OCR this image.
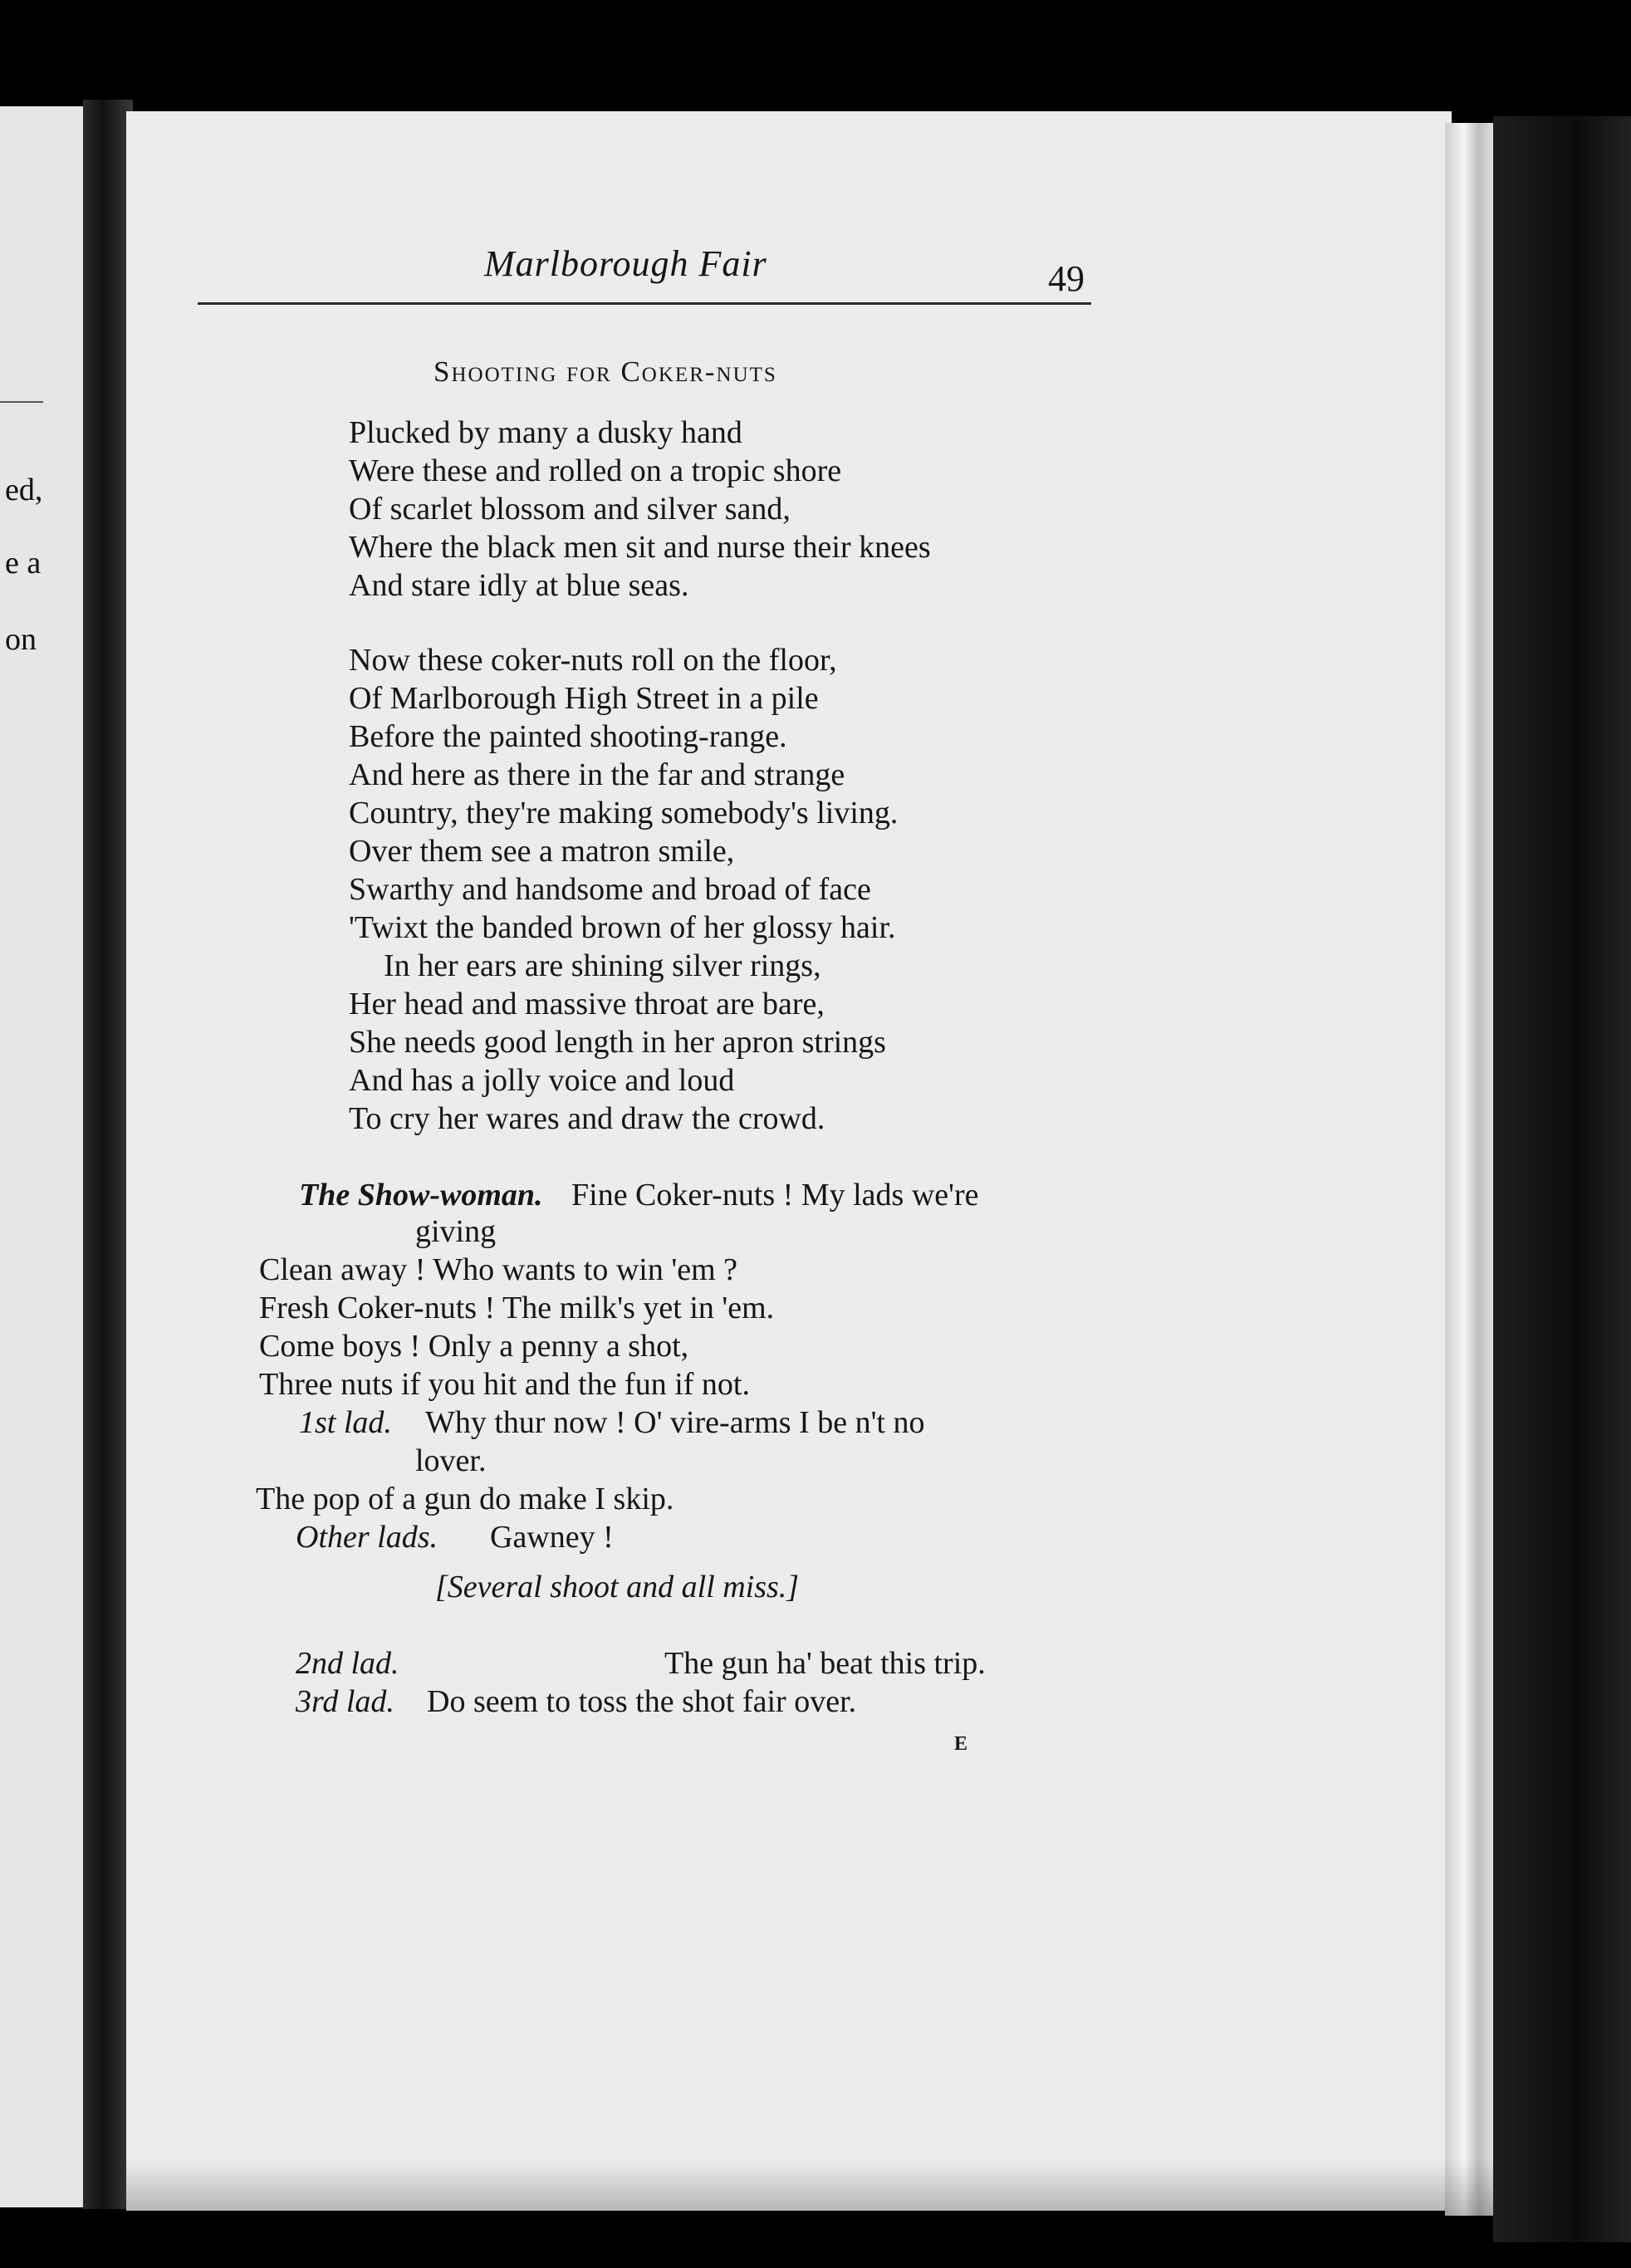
ed,
e a
on
Marlborough Fair	49
Shooting for Coker-nuts
Plucked by many a dusky hand
Were these and rolled on a tropic shore
Of scarlet blossom and silver sand,
Where the black men sit and nurse their knees
And stare idly at blue seas.
Now these coker-nuts roll on the floor,
Of Marlborough High Street in a pile
Before the painted shooting-range.
And here as there in the far and strange
Country, they're making somebody's living.
Over them see a matron smile,
Swarthy and handsome and broad of face
'Twixt the banded brown of her glossy hair.
In her ears are shining silver rings,
Her head and massive throat are bare,
She needs good length in her apron strings
And has a jolly voice and loud
To cry her wares and draw the crowd.
The Show-woman. Fine Coker-nuts ! My lads we're
giving
Clean away ! Who wants to win 'em ?
Fresh Coker-nuts ! The milk's yet in 'em.
Come boys ! Only a penny a shot,
Three nuts if you hit and the fun if not.
1st lad. Why thur now ! O' vire-arms I be n't no
lover.
The pop of a gun do make I skip.
Other lads. Gawney !
[Several shoot and all miss.]
2nd lad.	The gun ha' beat this trip.
3rd lad. Do seem to toss the shot fair over.
E
